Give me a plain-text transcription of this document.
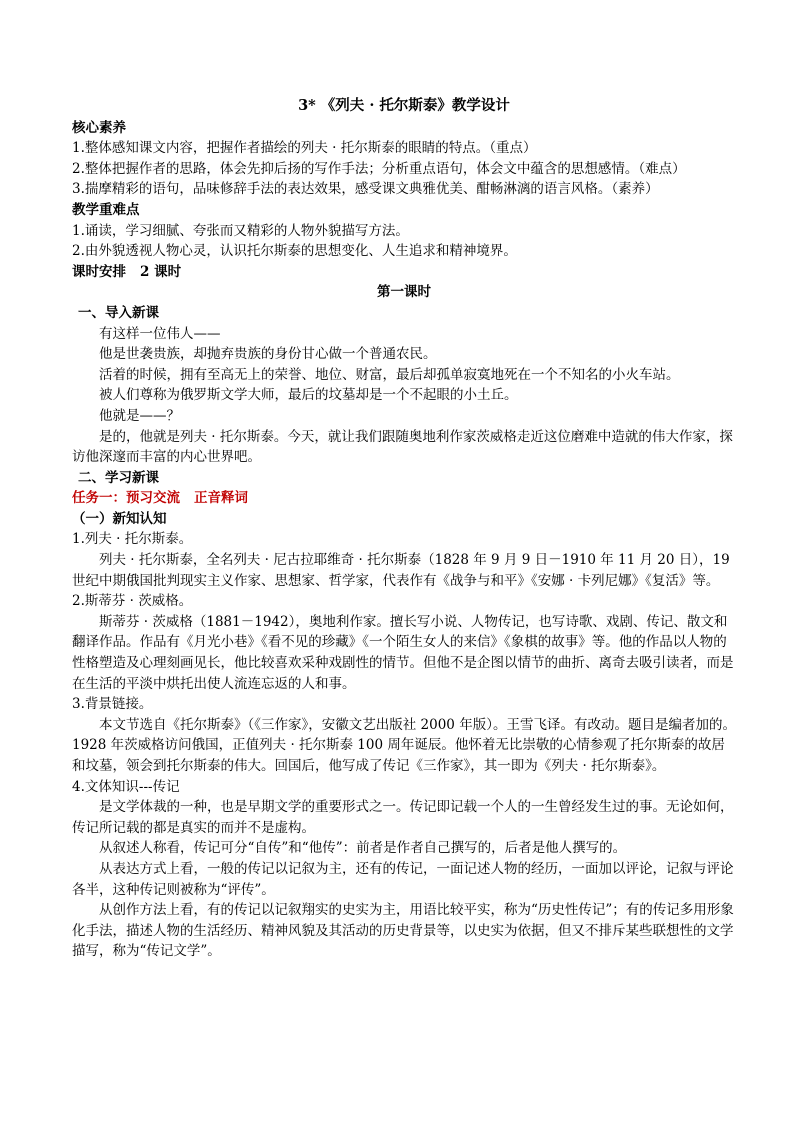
3* 《列夫 · 托尔斯泰》教学设计

核心素养

1.整体感知课文内容，把握作者描绘的列夫 · 托尔斯泰的眼睛的特点。（重点）

2.整体把握作者的思路，体会先抑后扬的写作手法；分析重点语句，体会文中蕴含的思想感情。（难点）

3.揣摩精彩的语句，品味修辞手法的表达效果，感受课文典雅优美、酣畅淋漓的语言风格。（素养）

教学重难点

1.诵读，学习细腻、夸张而又精彩的人物外貌描写方法。

2.由外貌透视人物心灵，认识托尔斯泰的思想变化、人生追求和精神境界。

课时安排 2 课时

第一课时

一、导入新课

有这样一位伟人——

他是世袭贵族，却抛弃贵族的身份甘心做一个普通农民。

活着的时候，拥有至高无上的荣誉、地位、财富，最后却孤单寂寞地死在一个不知名的小火车站。

被人们尊称为俄罗斯文学大师，最后的坟墓却是一个不起眼的小土丘。

他就是——？

是的，他就是列夫 · 托尔斯泰。今天，就让我们跟随奥地利作家茨威格走近这位磨难中造就的伟大作家，探访他深邃而丰富的内心世界吧。

二、学习新课

任务一：预习交流 正音释词

（一）新知认知

1.列夫 · 托尔斯泰。

列夫 · 托尔斯泰，全名列夫 · 尼古拉耶维奇 · 托尔斯泰（1828 年 9 月 9 日－1910 年 11 月 20 日），19 世纪中期俄国批判现实主义作家、思想家、哲学家，代表作有《战争与和平》《安娜 · 卡列尼娜》《复活》等。

2.斯蒂芬 · 茨威格。

斯蒂芬 · 茨威格（1881－1942），奥地利作家。擅长写小说、人物传记，也写诗歌、戏剧、传记、散文和翻译作品。作品有《月光小巷》《看不见的珍藏》《一个陌生女人的来信》《象棋的故事》等。他的作品以人物的性格塑造及心理刻画见长，他比较喜欢采种戏剧性的情节。但他不是企图以情节的曲折、离奇去吸引读者，而是在生活的平淡中烘托出使人流连忘返的人和事。

3.背景链接。

本文节选自《托尔斯泰》（《三作家》，安徽文艺出版社 2000 年版）。王雪飞译。有改动。题目是编者加的。1928 年茨威格访问俄国，正值列夫 · 托尔斯泰 100 周年诞辰。他怀着无比崇敬的心情参观了托尔斯泰的故居和坟墓，领会到托尔斯泰的伟大。回国后，他写成了传记《三作家》，其一即为《列夫 · 托尔斯泰》。

4.文体知识---传记

是文学体裁的一种，也是早期文学的重要形式之一。传记即记载一个人的一生曾经发生过的事。无论如何，传记所记载的都是真实的而并不是虚构。

从叙述人称看，传记可分“自传”和“他传”：前者是作者自己撰写的，后者是他人撰写的。

从表达方式上看，一般的传记以记叙为主，还有的传记，一面记述人物的经历，一面加以评论，记叙与评论各半，这种传记则被称为“评传”。

从创作方法上看，有的传记以记叙翔实的史实为主，用语比较平实，称为“历史性传记”；有的传记多用形象化手法，描述人物的生活经历、精神风貌及其活动的历史背景等，以史实为依据，但又不排斥某些联想性的文学描写，称为“传记文学”。
